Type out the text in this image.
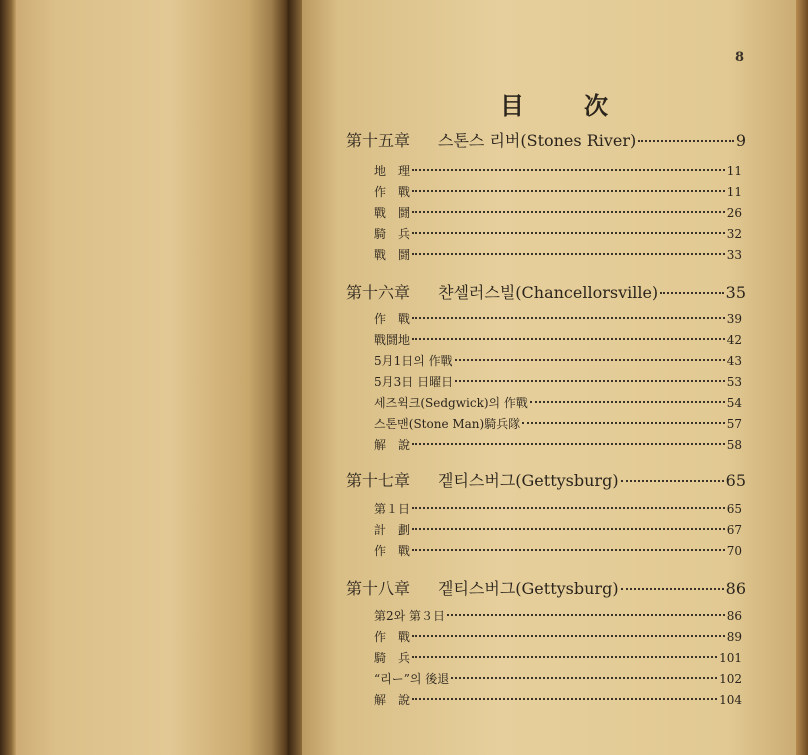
8
目 次
第十五章 스톤스 리버(Stones River)	9
地　理	11
作　戰	11
戰　鬪	26
騎　兵	32
戰　鬪	33
第十六章 챤셀러스빌(Chancellorsville)	35
作　戰	39
戰鬪地	42
5月1日의 作戰	43
5月3日 日曜日	53
세즈윅크(Sedgwick)의 作戰	54
스톤맨(Stone Man)騎兵隊	57
解　說	58
第十七章 겥티스버그(Gettysburg)	65
第１日	65
計　劃	67
作　戰	70
第十八章 겥티스버그(Gettysburg)	86
第2와 第３日	86
作　戰	89
騎　兵	101
“리ー”의 後退	102
解　說	104
